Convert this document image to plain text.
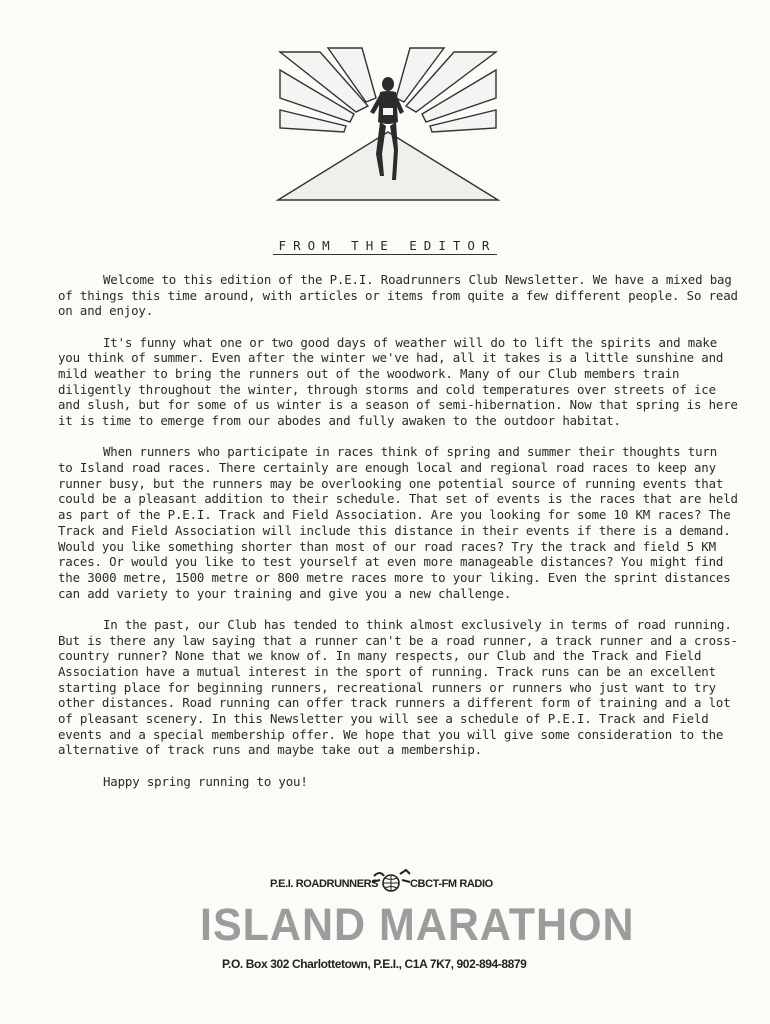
FROM THE EDITOR

Welcome to this edition of the P.E.I. Roadrunners Club Newsletter. We have a mixed bag of things this time around, with articles or items from quite a few different people. So read on and enjoy.

It's funny what one or two good days of weather will do to lift the spirits and make you think of summer. Even after the winter we've had, all it takes is a little sunshine and mild weather to bring the runners out of the woodwork. Many of our Club members train diligently throughout the winter, through storms and cold temperatures over streets of ice and slush, but for some of us winter is a season of semi-hibernation. Now that spring is here it is time to emerge from our abodes and fully awaken to the outdoor habitat.

When runners who participate in races think of spring and summer their thoughts turn to Island road races. There certainly are enough local and regional road races to keep any runner busy, but the runners may be overlooking one potential source of running events that could be a pleasant addition to their schedule. That set of events is the races that are held as part of the P.E.I. Track and Field Association. Are you looking for some 10 KM races? The Track and Field Association will include this distance in their events if there is a demand. Would you like something shorter than most of our road races? Try the track and field 5 KM races. Or would you like to test yourself at even more manageable distances? You might find the 3000 metre, 1500 metre or 800 metre races more to your liking. Even the sprint distances can add variety to your training and give you a new challenge.

In the past, our Club has tended to think almost exclusively in terms of road running. But is there any law saying that a runner can't be a road runner, a track runner and a cross-country runner? None that we know of. In many respects, our Club and the Track and Field Association have a mutual interest in the sport of running. Track runs can be an excellent starting place for beginning runners, recreational runners or runners who just want to try other distances. Road running can offer track runners a different form of training and a lot of pleasant scenery. In this Newsletter you will see a schedule of P.E.I. Track and Field events and a special membership offer. We hope that you will give some consideration to the alternative of track runs and maybe take out a membership.

Happy spring running to you!

P.E.I. ROADRUNNERS	CBCT-FM RADIO
ISLAND MARATHON
P.O. Box 302 Charlottetown, P.E.I., C1A 7K7, 902-894-8879
